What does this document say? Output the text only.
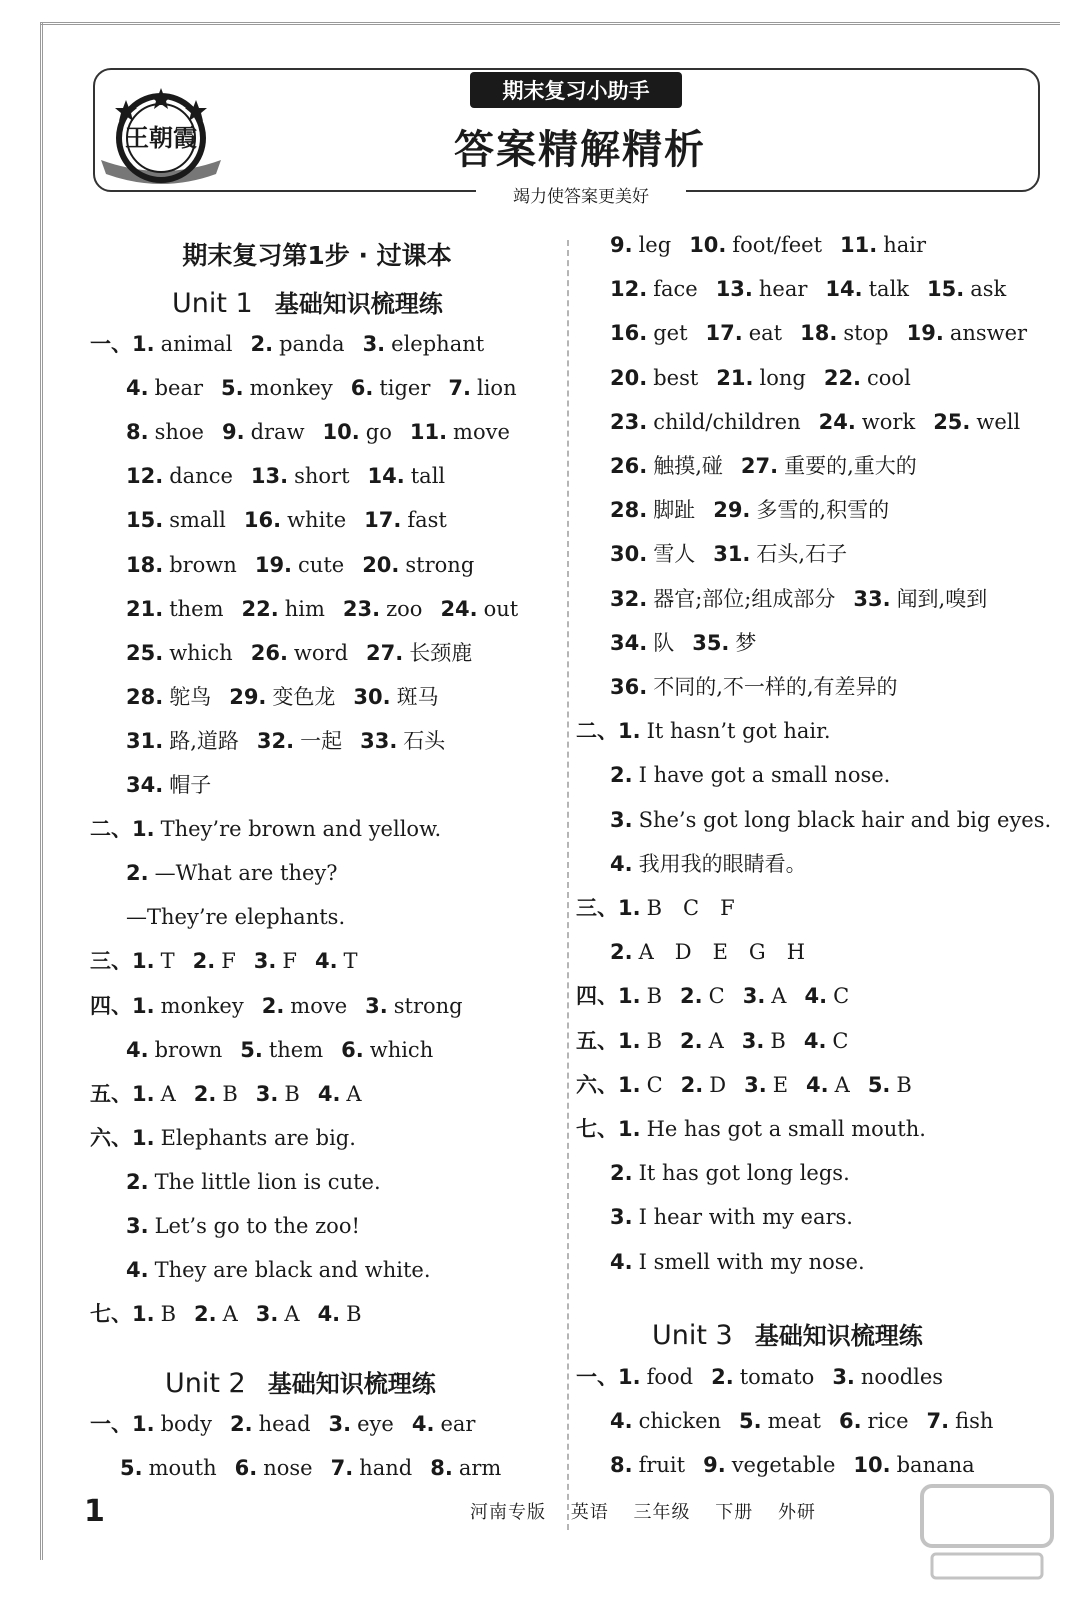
王朝霞
期末复习小助手
答案精解精析
竭力使答案更美好
期末复习第1步 · 过课本
Unit 1 基础知识梳理练
Unit 2 基础知识梳理练
Unit 3 基础知识梳理练
一、1. animal 2. panda 3. elephant
4. bear 5. monkey 6. tiger 7. lion
8. shoe 9. draw 10. go 11. move
12. dance 13. short 14. tall
15. small 16. white 17. fast
18. brown 19. cute 20. strong
21. them 22. him 23. zoo 24. out
25. which 26. word 27. 长颈鹿
28. 鸵鸟 29. 变色龙 30. 斑马
31. 路,道路 32. 一起 33. 石头
34. 帽子
二、1. They’re brown and yellow.
2. —What are they?
—They’re elephants.
三、1. T 2. F 3. F 4. T
四、1. monkey 2. move 3. strong
4. brown 5. them 6. which
五、1. A 2. B 3. B 4. A
六、1. Elephants are big.
2. The little lion is cute.
3. Let’s go to the zoo!
4. They are black and white.
七、1. B 2. A 3. A 4. B
一、1. body 2. head 3. eye 4. ear
5. mouth 6. nose 7. hand 8. arm
9. leg 10. foot/feet 11. hair
12. face 13. hear 14. talk 15. ask
16. get 17. eat 18. stop 19. answer
20. best 21. long 22. cool
23. child/children 24. work 25. well
26. 触摸,碰 27. 重要的,重大的
28. 脚趾 29. 多雪的,积雪的
30. 雪人 31. 石头,石子
32. 器官;部位;组成部分 33. 闻到,嗅到
34. 队 35. 梦
36. 不同的,不一样的,有差异的
二、1. It hasn’t got hair.
2. I have got a small nose.
3. She’s got long black hair and big eyes.
4. 我用我的眼睛看。
三、1. B　C　F
2. A　D　E　G　H
四、1. B 2. C 3. A 4. C
五、1. B 2. A 3. B 4. C
六、1. C 2. D 3. E 4. A 5. B
七、1. He has got a small mouth.
2. It has got long legs.
3. I hear with my ears.
4. I smell with my nose.
一、1. food 2. tomato 3. noodles
4. chicken 5. meat 6. rice 7. fish
8. fruit 9. vegetable 10. banana
1	河南专版 英语 三年级 下册 外研
